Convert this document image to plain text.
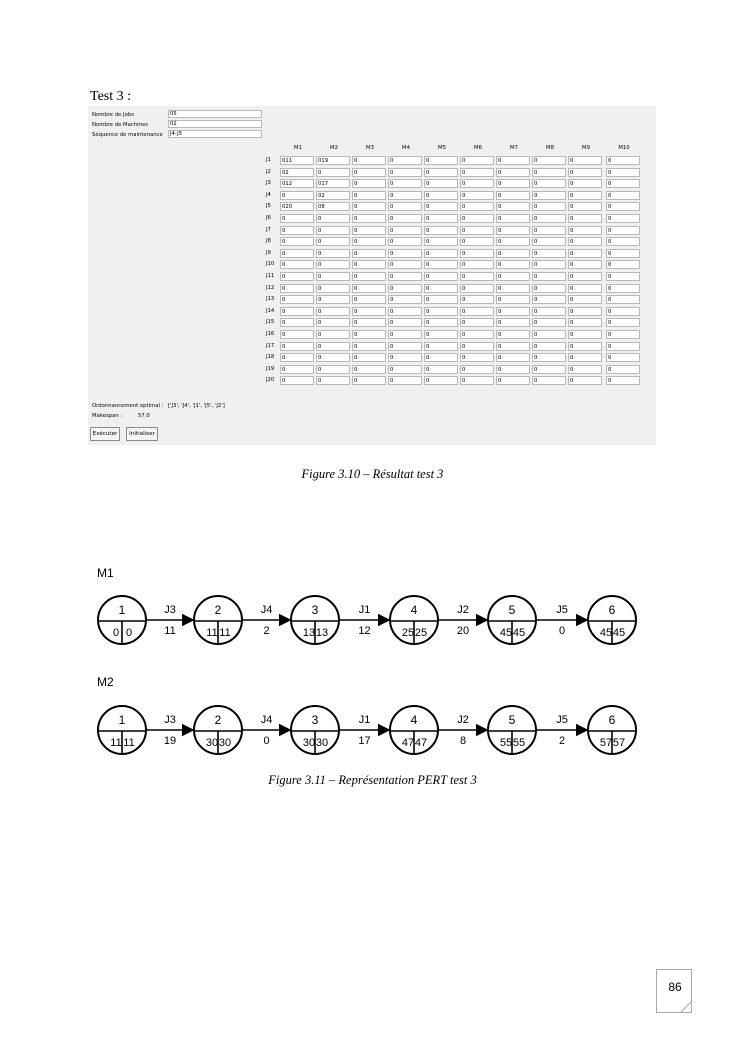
Test 3 :
Nombre de Jobs	05
Nombre de Machines	02
Séquence de maintenance	J4-J5
M1	M2	M3	M4	M5	M6	M7	M8	M9	M10
J1	011	019	0	0	0	0	0	0	0	0
J2	02	0	0	0	0	0	0	0	0	0
J3	012	017	0	0	0	0	0	0	0	0
J4	0	02	0	0	0	0	0	0	0	0
J5	020	08	0	0	0	0	0	0	0	0
J6	0	0	0	0	0	0	0	0	0	0
J7	0	0	0	0	0	0	0	0	0	0
J8	0	0	0	0	0	0	0	0	0	0
J9	0	0	0	0	0	0	0	0	0	0
J10	0	0	0	0	0	0	0	0	0	0
J11	0	0	0	0	0	0	0	0	0	0
J12	0	0	0	0	0	0	0	0	0	0
J13	0	0	0	0	0	0	0	0	0	0
J14	0	0	0	0	0	0	0	0	0	0
J15	0	0	0	0	0	0	0	0	0	0
J16	0	0	0	0	0	0	0	0	0	0
J17	0	0	0	0	0	0	0	0	0	0
J18	0	0	0	0	0	0	0	0	0	0
J19	0	0	0	0	0	0	0	0	0	0
J20	0	0	0	0	0	0	0	0	0	0
Ordonnancement optimal : ['J3', 'J4', 'J1', 'J5', 'J2']
Makespan :	57.0
Exécuter	Initialiser
Figure 3.10 – Résultat test 3
M1
1
0 0
2
11 11
3
13 13
4
25 25
5
45 45
6
45 45
J3
11
J4
2
J1
12
J2
20
J5
0
M2
1
11 11
2
30 30
3
30 30
4
47 47
5
55 55
6
57 57
J3
19
J4
0
J1
17
J2
8
J5
2
Figure 3.11 – Représentation PERT test 3
86
